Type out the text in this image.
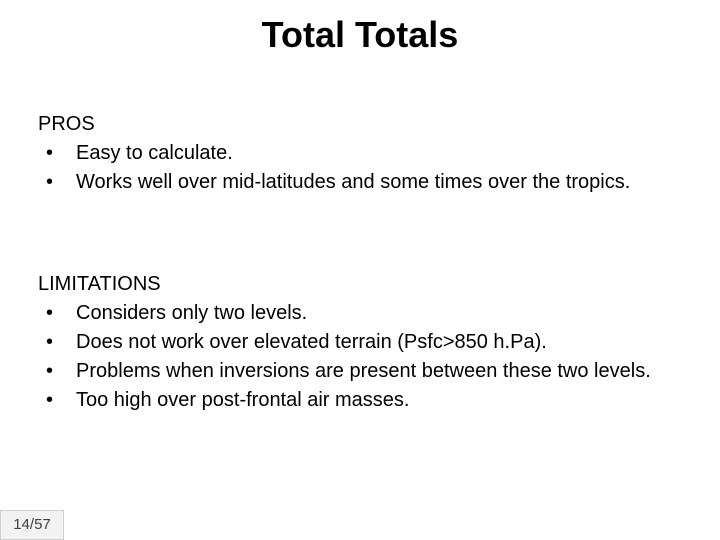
Total Totals
PROS
• Easy to calculate.
• Works well over mid-latitudes and some times over the tropics.
LIMITATIONS
• Considers only two levels.
• Does not work over elevated terrain (Psfc>850 h.Pa).
• Problems when inversions are present between these two levels.
• Too high over post-frontal air masses.
14/57
